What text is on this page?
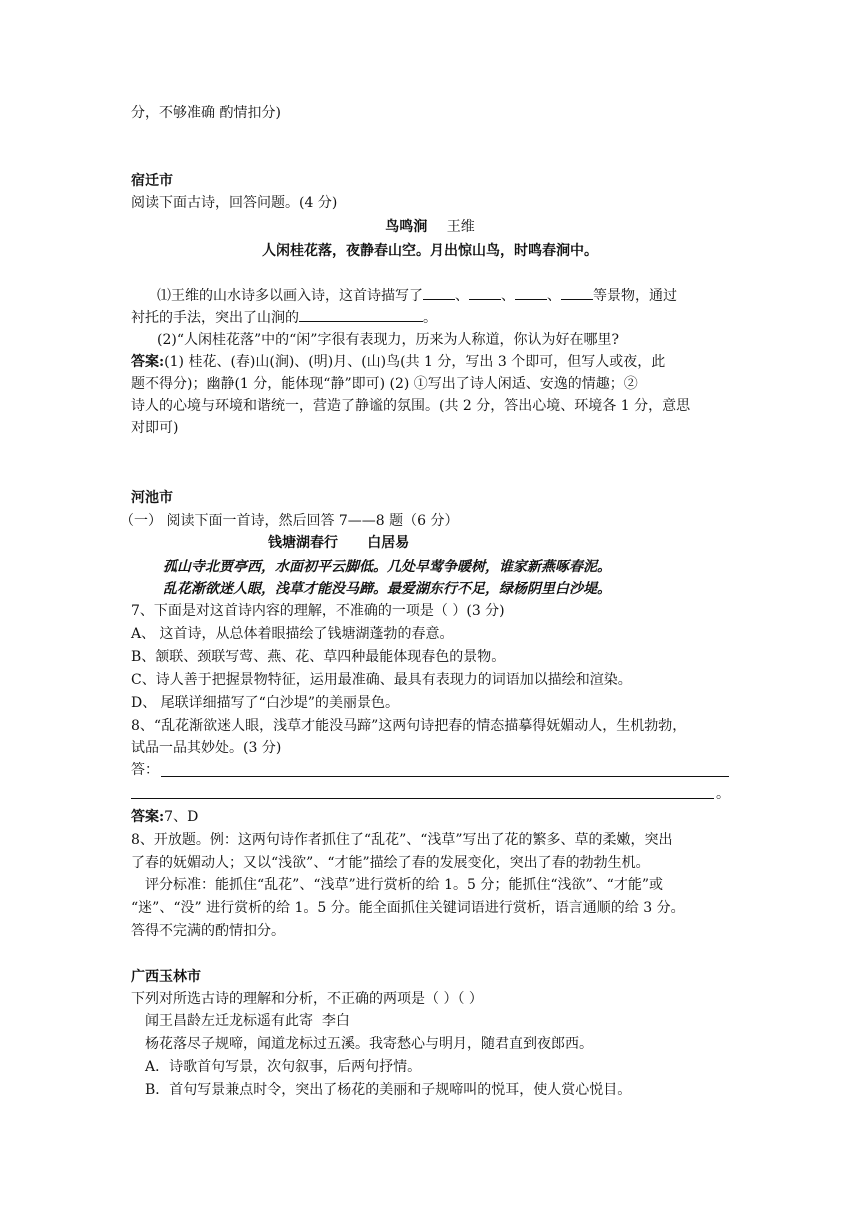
分，不够准确 酌情扣分)
宿迁市
阅读下面古诗，回答问题。(4 分)
鸟鸣涧 王维
人闲桂花落，夜静春山空。月出惊山鸟，时鸣春涧中。
⑴王维的山水诗多以画入诗，这首诗描写了 、 、 、 等景物，通过
衬托的手法，突出了山涧的	。
(2)“人闲桂花落”中的“闲”字很有表现力，历来为人称道，你认为好在哪里?
答案:(1) 桂花、(春)山(涧)、(明)月、(山)鸟(共 1 分，写出 3 个即可，但写人或夜，此
题不得分)；幽静(1 分，能体现“静”即可) (2) ①写出了诗人闲适、安逸的情趣；②
诗人的心境与环境和谐统一，营造了静谧的氛围。(共 2 分，答出心境、环境各 1 分，意思
对即可)
河池市
（一） 阅读下面一首诗，然后回答 7——8 题（6 分）
钱塘湖春行 白居易
孤山寺北贾亭西，水面初平云脚低。几处早莺争暖树，谁家新燕啄春泥。
乱花渐欲迷人眼，浅草才能没马蹄。最爱湖东行不足，绿杨阴里白沙堤。
7、下面是对这首诗内容的理解，不准确的一项是（ ）(3 分)
A、 这首诗，从总体着眼描绘了钱塘湖蓬勃的春意。
B、颔联、颈联写莺、燕、花、草四种最能体现春色的景物。
C、诗人善于把握景物特征，运用最准确、最具有表现力的词语加以描绘和渲染。
D、 尾联详细描写了“白沙堤”的美丽景色。
8、“乱花渐欲迷人眼，浅草才能没马蹄”这两句诗把春的情态描摹得妩媚动人，生机勃勃，
试品一品其妙处。(3 分)
答：
。
答案:7、D
8、开放题。例：这两句诗作者抓住了“乱花”、“浅草”写出了花的繁多、草的柔嫩，突出
了春的妩媚动人；又以“浅欲”、“才能”描绘了春的发展变化，突出了春的勃勃生机。
评分标准：能抓住“乱花”、“浅草”进行赏析的给 1。5 分；能抓住“浅欲”、“才能”或
“迷”、“没” 进行赏析的给 1。5 分。能全面抓住关键词语进行赏析，语言通顺的给 3 分。
答得不完满的酌情扣分。
广西玉林市
下列对所选古诗的理解和分析，不正确的两项是（ ）（ ）
闻王昌龄左迁龙标遥有此寄 李白
杨花落尽子规啼，闻道龙标过五溪。我寄愁心与明月，随君直到夜郎西。
A．诗歌首句写景，次句叙事，后两句抒情。
B．首句写景兼点时令，突出了杨花的美丽和子规啼叫的悦耳，使人赏心悦目。
